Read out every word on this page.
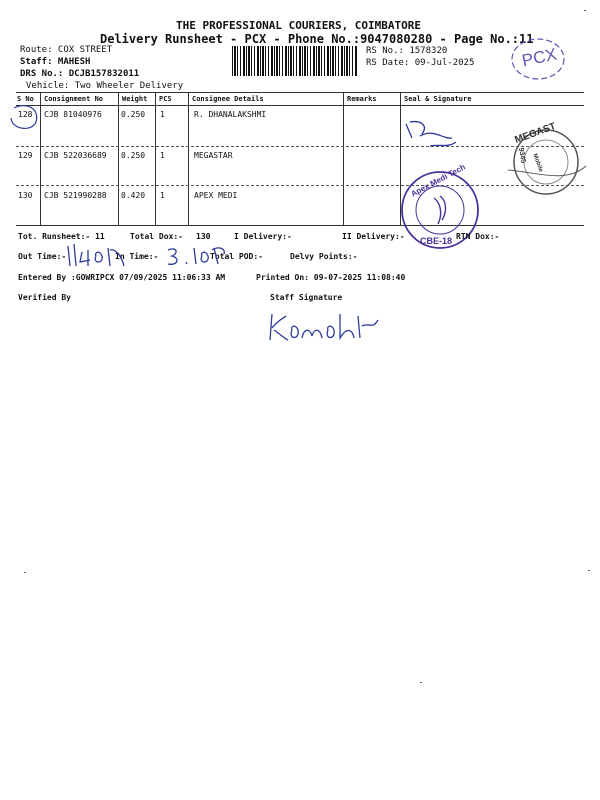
THE PROFESSIONAL COURIERS, COIMBATORE
Delivery Runsheet - PCX - Phone No.:9047080280 - Page No.:11
Route: COX STREET
Staff: MAHESH
DRS No.: DCJB157832011
Vehicle: Two Wheeler Delivery
RS No.: 1578320
RS Date: 09-Jul-2025	PCX
S No Consignment No	Weight PCS	Consignee Details	Remarks	Seal & Signature
128 CJB 81040976 0.250 1	R. DHANALAKSHMI
129 CJB 522036689 0.250 1	MEGASTAR
130 CJB 521990288 0.420 1	APEX MEDI
MEGAST
9345 Mobile
Apex Medi Tech
CBE-18
Tot. Runsheet:- 11	Total Dox:- 130	I Delivery:-	II Delivery:-	RTN Dox:-
Out Time:-	In Time:-	Total POD:-	Delvy Points:-
Entered By :GOWRIPCX 07/09/2025 11:06:33 AM	Printed On: 09-07-2025 11:08:40
Verified By	Staff Signature
